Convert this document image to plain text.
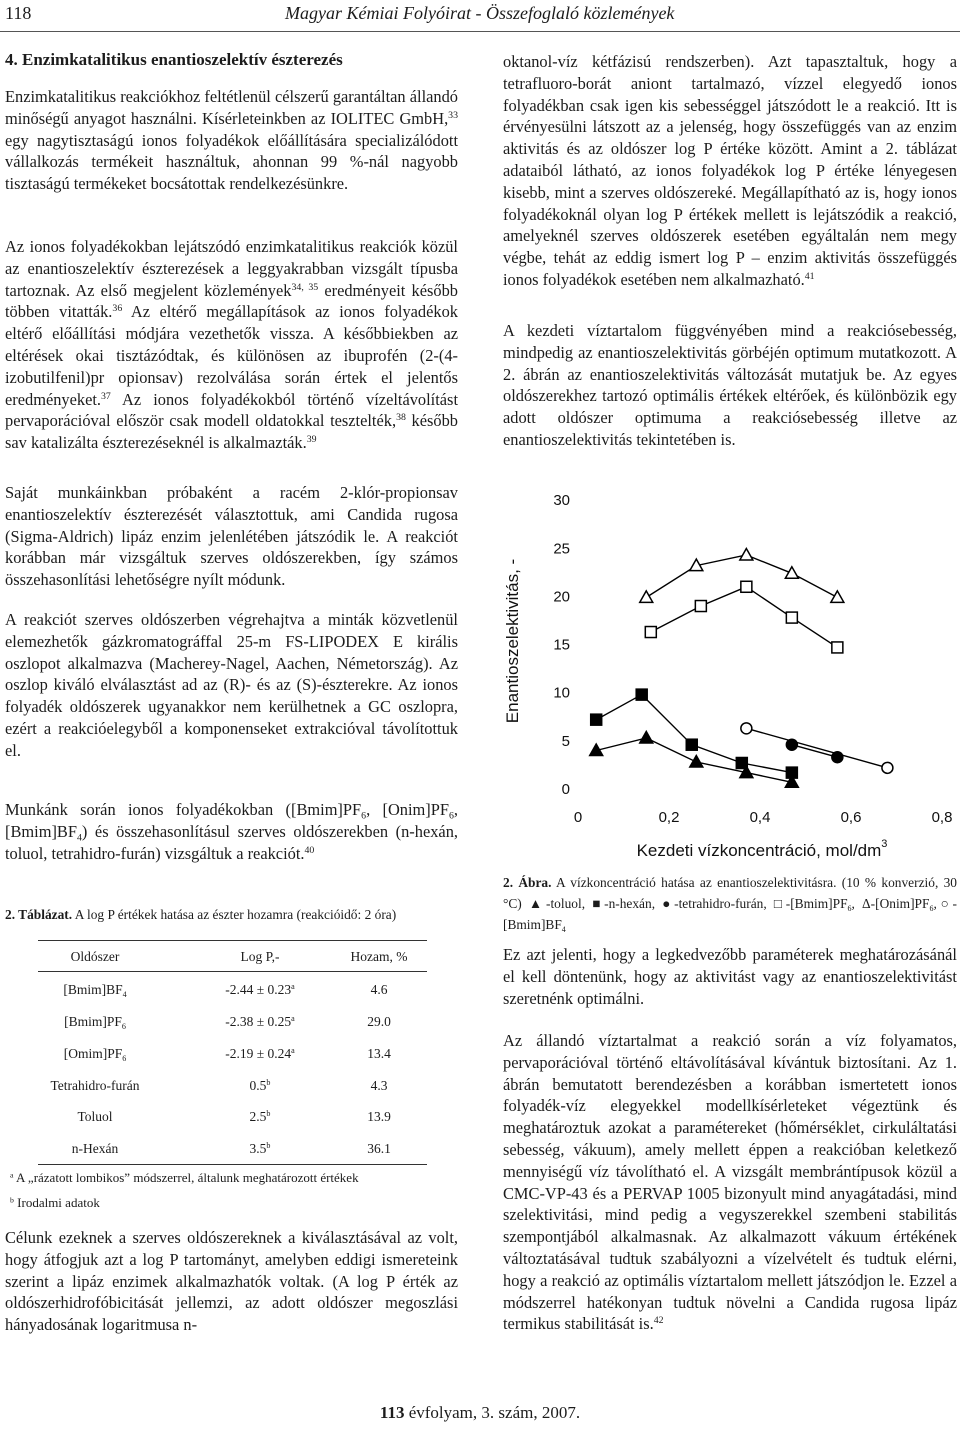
118	Magyar Kémiai Folyóirat - Összefoglaló közlemények
4. Enzimkatalitikus enantioszelektív észterezés
Enzimkatalitikus reakciókhoz feltétlenül célszerű garantáltan állandó minőségű anyagot használni. Kísérleteinkben az IOLITEC GmbH,$^{33}$ egy nagytisztaságú ionos folyadékok előállítására specializálódott vállalkozás termékeit használtuk, ahonnan 99 %-nál nagyobb tisztaságú termékeket bocsátottak rendelkezésünkre.
Az ionos folyadékokban lejátszódó enzimkatalitikus reakciók közül az enantioszelektív észterezések a leggyakrabban vizsgált típusba tartoznak. Az első megjelent közlemények$^{34, 35}$ eredményeit később többen vitatták.$^{36}$ Az eltérő megállapítások az ionos folyadékok eltérő előállítási módjára vezethetők vissza. A későbbiekben az eltérések okai tisztázódtak, és különösen az ibuprofén (2-(4-izobutilfenil)pr opionsav) rezolválása során értek el jelentős eredményeket.$^{37}$ Az ionos folyadékokból történő vízeltávolítást pervaporációval először csak modell oldatokkal tesztelték,$^{38}$ később sav katalizálta észterezéseknél is alkalmazták.$^{39}$
Saját munkáinkban próbaként a racém 2-klór-propionsav enantioszelektív észterezését választottuk, ami Candida rugosa (Sigma-Aldrich) lipáz enzim jelenlétében játszódik le. A reakciót korábban már vizsgáltuk szerves oldószerekben, így számos összehasonlítási lehetőségre nyílt módunk.
A reakciót szerves oldószerben végrehajtva a minták közvetlenül elemezhetők gázkromatográffal 25-m FS-LIPODEX E királis oszlopot alkalmazva (Macherey-Nagel, Aachen, Németország). Az oszlop kiváló elválasztást ad az (R)- és az (S)-észterekre. Az ionos folyadék oldószerek ugyanakkor nem kerülhetnek a GC oszlopra, ezért a reakcióelegyből a komponenseket extrakcióval távolítottuk el.
Munkánk során ionos folyadékokban ($[Bmim]PF_6$, $[Onim]PF_6$, $[Bmim]BF_4$) és összehasonlításul szerves oldószerekben (n-hexán, toluol, tetrahidro-furán) vizsgáltuk a reakciót.$^{40}$
2. Táblázat. A log P értékek hatása az észter hozamra (reakcióidő: 2 óra)
Oldószer	Log P,-	Hozam, %
$[Bmim]BF_4$	-2.44 ± 0.23$^a$	4.6
$[Bmim]PF_6$	-2.38 ± 0.25$^a$	29.0
$[Omim]PF_6$	-2.19 ± 0.24$^a$	13.4
Tetrahidro-furán	0.5$^b$	4.3
Toluol	2.5$^b$	13.9
n-Hexán	3.5$^b$	36.1
$^a$ A „rázatott lombikos” módszerrel, általunk meghatározott értékek
$^b$ Irodalmi adatok
Célunk ezeknek a szerves oldószereknek a kiválasztásával az volt, hogy átfogjuk azt a log P tartományt, amelyben eddigi ismereteink szerint a lipáz enzimek alkalmazhatók voltak. (A log P érték az oldószerhidrofóbicitását jellemzi, az adott oldószer megoszlási hányadosának logaritmusa n-
oktanol-víz kétfázisú rendszerben). Azt tapasztaltuk, hogy a tetrafluoro-borát aniont tartalmazó, vízzel elegyedő ionos folyadékban csak igen kis sebességgel játszódott le a reakció. Itt is érvényesülni látszott az a jelenség, hogy összefüggés van az enzim aktivitás és az oldószer log P értéke között. Amint a 2. táblázat adataiból látható, az ionos folyadékok log P értéke lényegesen kisebb, mint a szerves oldószereké. Megállapítható az is, hogy ionos folyadékoknál olyan log P értékek mellett is lejátszódik a reakció, amelyeknél szerves oldószerek esetében egyáltalán nem megy végbe, tehát az eddig ismert log P – enzim aktivitás összefüggés ionos folyadékok esetében nem alkalmazható.$^{41}$
A kezdeti víztartalom függvényében mind a reakciósebesség, mindpedig az enantioszelektivitás görbéjén optimum mutatkozott. A 2. ábrán az enantioszelektivitás változását mutatjuk be. Az egyes oldószerekhez tartozó optimális értékek eltérőek, és különbözik egy adott oldószer optimuma a reakciósebesség illetve az enantioszelektivitás tekintetében is.
0
5
10
15
20
25
30
0	0,2	0,4	0,6	0,8
Enantioszelektivitás, -
Kezdeti vízkoncentráció, mol/$dm^3$
2. Ábra. A vízkoncentráció hatása az enantioszelektivitásra. (10 % konverzió, 30 °C) ▲-toluol, ■-n-hexán, ●-tetrahidro-furán, $□-[Bmim]PF_6$, $\Delta-[Onim]PF_6,○-[Bmim]BF_4$
Ez azt jelenti, hogy a legkedvezőbb paraméterek meghatározásánál el kell döntenünk, hogy az aktivitást vagy az enantioszelektivitást szeretnénk optimálni.
Az állandó víztartalmat a reakció során a víz folyamatos, pervaporációval történő eltávolításával kívántuk biztosítani. Az 1. ábrán bemutatott berendezésben a korábban ismertetett ionos folyadék-víz elegyekkel modellkísérleteket végeztünk és meghatároztuk azokat a paramétereket (hőmérséklet, cirkuláltatási sebesség, vákuum), amely mellett éppen a reakcióban keletkező mennyiségű víz távolítható el. A vizsgált membrántípusok közül a CMC-VP-43 és a PERVAP 1005 bizonyult mind anyagátadási, mind szelektivitási, mind pedig a vegyszerekkel szembeni stabilitás szempontjából alkalmasnak. Az alkalmazott vákuum értékének változtatásával tudtuk szabályozni a vízelvételt és tudtuk elérni, hogy a reakció az optimális víztartalom mellett játszódjon le. Ezzel a módszerrel hatékonyan tudtuk növelni a Candida rugosa lipáz termikus stabilitását is.$^{42}$
113 évfolyam, 3. szám, 2007.
